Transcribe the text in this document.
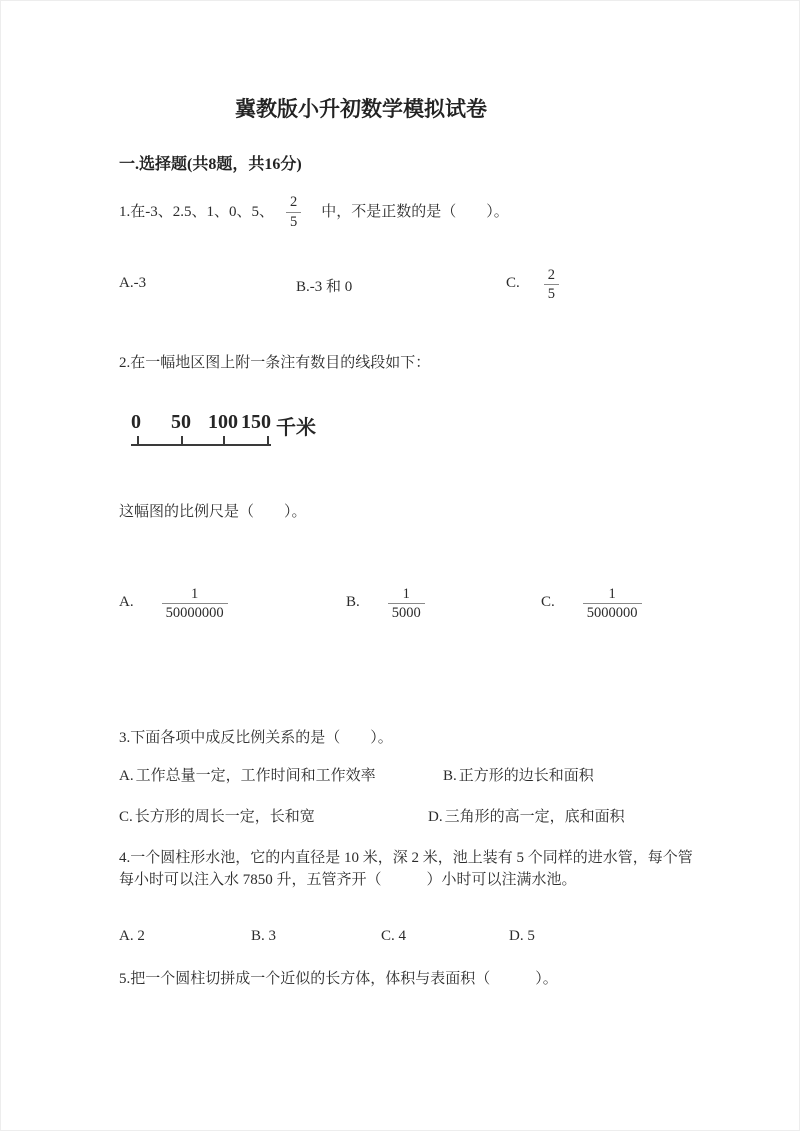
冀教版小升初数学模拟试卷
一.选择题(共8题，共16分)
1.在-3、2.5、1、0、5、 $\frac{2}{5}$ 中，不是正数的是（　　）。
A.-3	B.-3 和 0	C. $\frac{2}{5}$
2.在一幅地区图上附一条注有数目的线段如下：
0 50 100 150 千米
这幅图的比例尺是（　　）。
A. $\frac{1}{50000000}$	B. $\frac{1}{5000}$	C. $\frac{1}{5000000}$
3.下面各项中成反比例关系的是（　　）。
A. 工作总量一定，工作时间和工作效率	B. 正方形的边长和面积
C. 长方形的周长一定，长和宽	D. 三角形的高一定，底和面积
4.一个圆柱形水池，它的内直径是 10 米，深 2 米，池上装有 5 个同样的进水管，每个管每小时可以注入水 7850 升，五管齐开（　　　）小时可以注满水池。
A. 2	B. 3	C. 4	D. 5
5.把一个圆柱切拼成一个近似的长方体，体积与表面积（　　　）。
